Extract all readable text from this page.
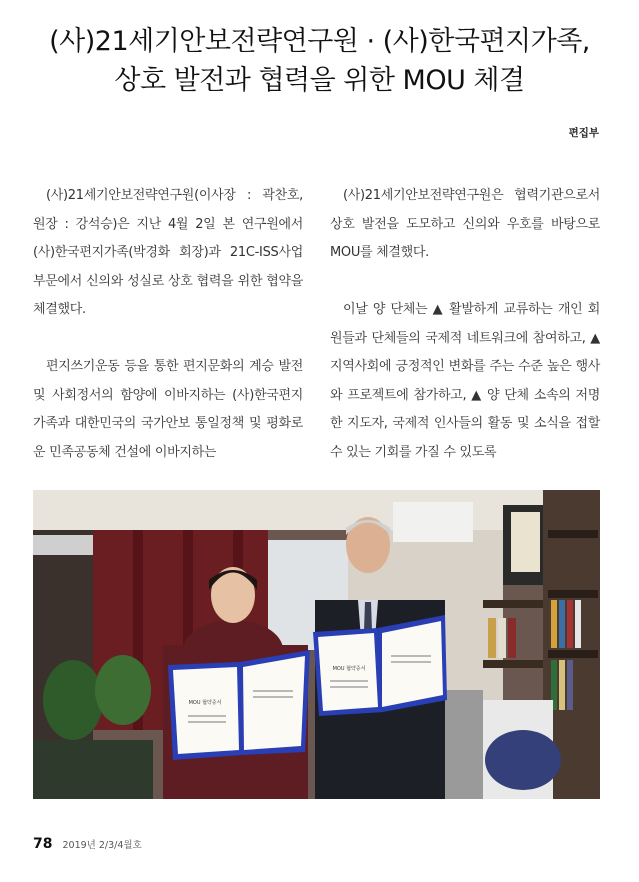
(사)21세기안보전략연구원 · (사)한국편지가족,
상호 발전과 협력을 위한 MOU 체결
편집부

(사)21세기안보전략연구원(이사장 : 곽찬호, 원장 : 강석승)은 지난 4월 2일 본 연구원에서 (사)한국편지가족(박경화 회장)과 21C-ISS사업부문에서 신의와 성실로 상호 협력을 위한 협약을 체결했다.

편지쓰기운동 등을 통한 편지문화의 계승 발전 및 사회정서의 함양에 이바지하는 (사)한국편지가족과 대한민국의 국가안보 통일정책 및 평화로운 민족공동체 건설에 이바지하는

(사)21세기안보전략연구원은 협력기관으로서 상호 발전을 도모하고 신의와 우호를 바탕으로 MOU를 체결했다.

이날 양 단체는 ▲ 활발하게 교류하는 개인 회원들과 단체들의 국제적 네트워크에 참여하고, ▲ 지역사회에 긍정적인 변화를 주는 수준 높은 행사와 프로젝트에 참가하고, ▲ 양 단체 소속의 저명한 지도자, 국제적 인사들의 활동 및 소식을 접할 수 있는 기회를 가질 수 있도록

MOU 협약증서
MOU 협약증서
78 2019년 2/3/4월호
